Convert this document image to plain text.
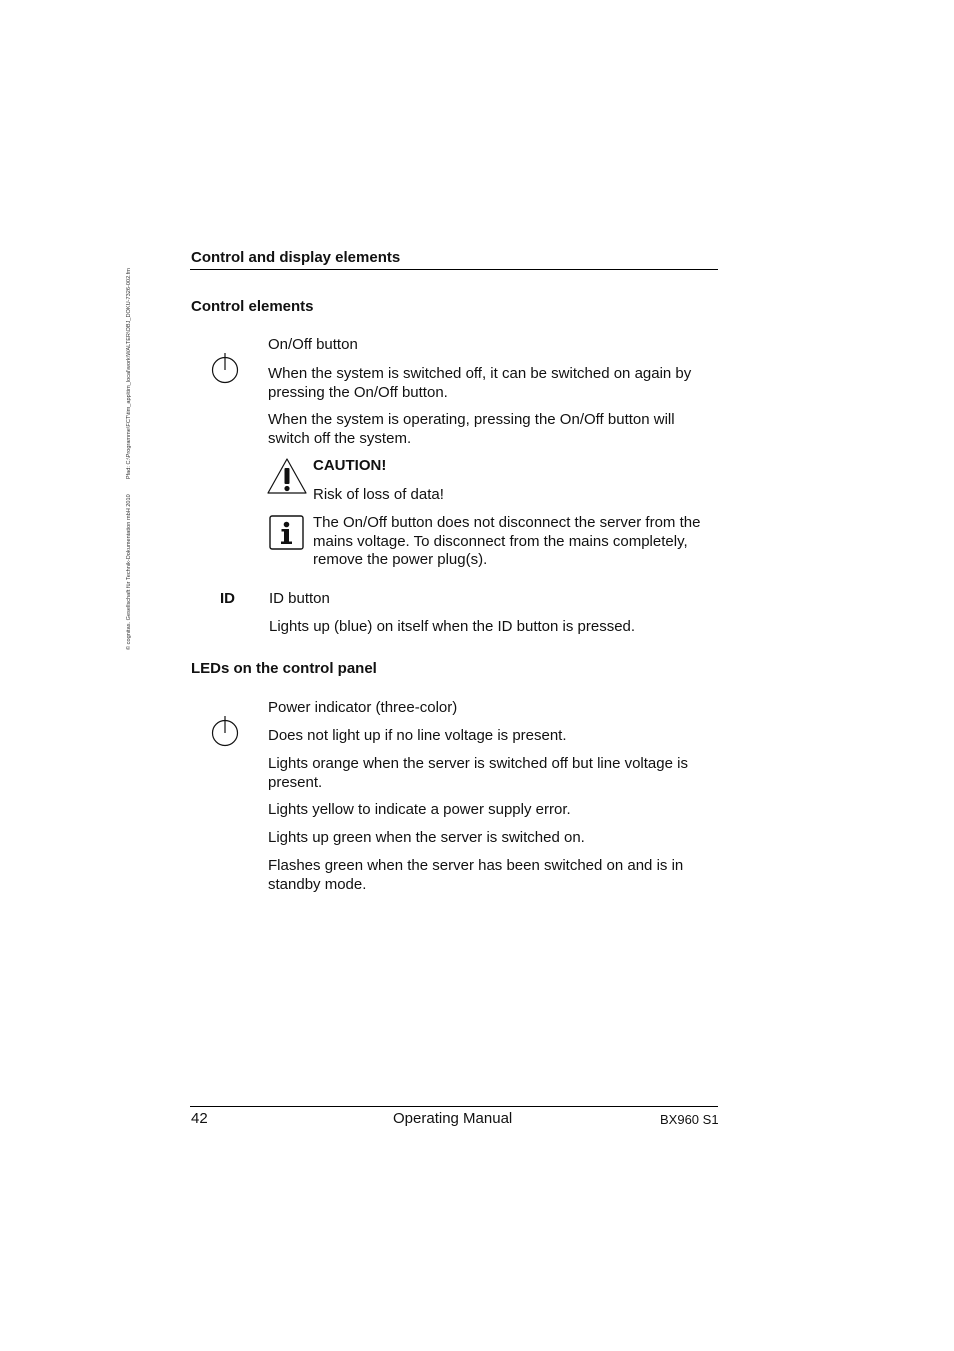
© cognitas. Gesellschaft für Technik-Dokumentation mbH 2010  Pfad: C:\Programme\FCT\tim_app\tim_local\work\WALTER\OBJ_DOKU-7326-002.fm
Control and display elements
Control elements
On/Off button
When the system is switched off, it can be switched on again by pressing the On/Off button.
When the system is operating, pressing the On/Off button will switch off the system.
CAUTION!
Risk of loss of data!
The On/Off button does not disconnect the server from the mains voltage. To disconnect from the mains completely, remove the power plug(s).
ID ID button
Lights up (blue) on itself when the ID button is pressed.
LEDs on the control panel
Power indicator (three-color)
Does not light up if no line voltage is present.
Lights orange when the server is switched off but line voltage is present.
Lights yellow to indicate a power supply error.
Lights up green when the server is switched on.
Flashes green when the server has been switched on and is in standby mode.
42	Operating Manual	BX960 S1
